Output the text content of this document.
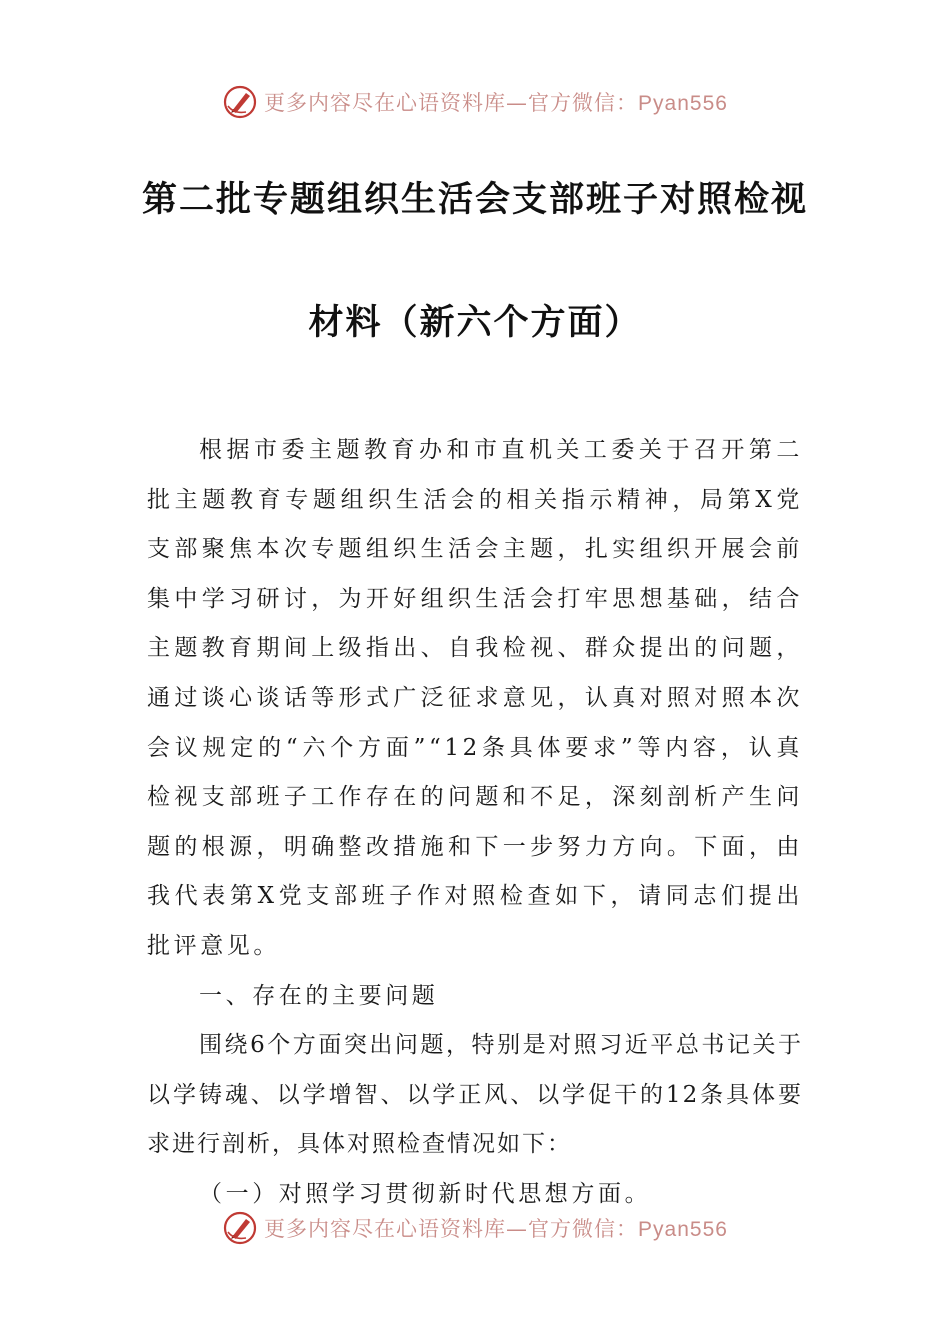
更多内容尽在心语资料库—官方微信：Pyan556
第二批专题组织生活会支部班子对照检视
材料（新六个方面）

根据市委主题教育办和市直机关工委关于召开第二批主题教育专题组织生活会的相关指示精神，局第X党支部聚焦本次专题组织生活会主题，扎实组织开展会前集中学习研讨，为开好组织生活会打牢思想基础，结合主题教育期间上级指出、自我检视、群众提出的问题，通过谈心谈话等形式广泛征求意见，认真对照对照本次会议规定的“六个方面”“12条具体要求”等内容，认真检视支部班子工作存在的问题和不足，深刻剖析产生问题的根源，明确整改措施和下一步努力方向。下面，由我代表第X党支部班子作对照检查如下，请同志们提出批评意见。

一、存在的主要问题

围绕6个方面突出问题，特别是对照习近平总书记关于以学铸魂、以学增智、以学正风、以学促干的12条具体要求进行剖析，具体对照检查情况如下：

（一）对照学习贯彻新时代思想方面。

更多内容尽在心语资料库—官方微信：Pyan556
